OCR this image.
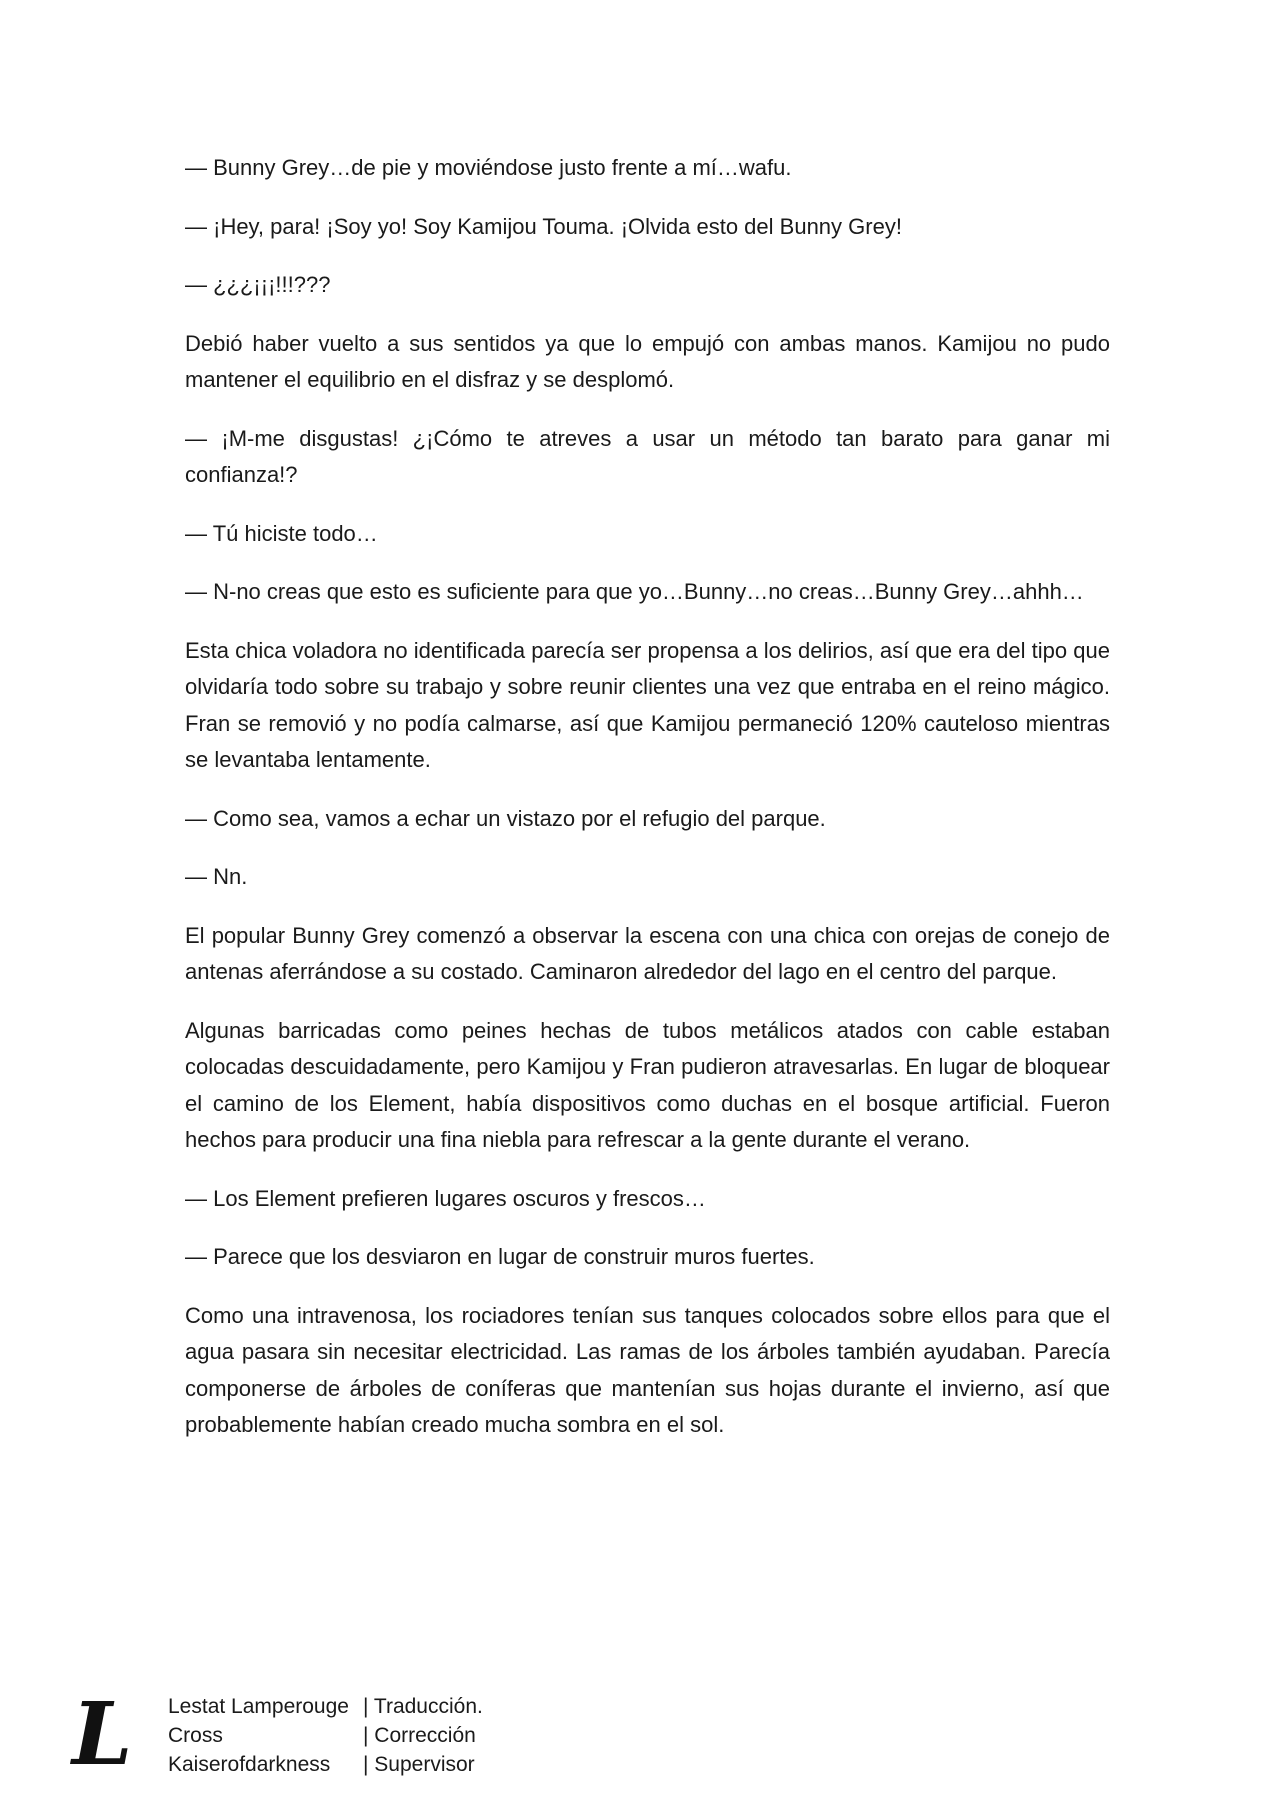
— Bunny Grey…de pie y moviéndose justo frente a mí…wafu.

— ¡Hey, para! ¡Soy yo! Soy Kamijou Touma. ¡Olvida esto del Bunny Grey!

— ¿¿¿¡¡¡!!!???

Debió haber vuelto a sus sentidos ya que lo empujó con ambas manos. Kamijou no pudo mantener el equilibrio en el disfraz y se desplomó.

— ¡M-me disgustas! ¿¡Cómo te atreves a usar un método tan barato para ganar mi confianza!?

— Tú hiciste todo…

— N-no creas que esto es suficiente para que yo…Bunny…no creas…Bunny Grey…ahhh…

Esta chica voladora no identificada parecía ser propensa a los delirios, así que era del tipo que olvidaría todo sobre su trabajo y sobre reunir clientes una vez que entraba en el reino mágico. Fran se removió y no podía calmarse, así que Kamijou permaneció 120% cauteloso mientras se levantaba lentamente.

— Como sea, vamos a echar un vistazo por el refugio del parque.

— Nn.

El popular Bunny Grey comenzó a observar la escena con una chica con orejas de conejo de antenas aferrándose a su costado. Caminaron alrededor del lago en el centro del parque.

Algunas barricadas como peines hechas de tubos metálicos atados con cable estaban colocadas descuidadamente, pero Kamijou y Fran pudieron atravesarlas. En lugar de bloquear el camino de los Element, había dispositivos como duchas en el bosque artificial. Fueron hechos para producir una fina niebla para refrescar a la gente durante el verano.

— Los Element prefieren lugares oscuros y frescos…

— Parece que los desviaron en lugar de construir muros fuertes.

Como una intravenosa, los rociadores tenían sus tanques colocados sobre ellos para que el agua pasara sin necesitar electricidad. Las ramas de los árboles también ayudaban. Parecía componerse de árboles de coníferas que mantenían sus hojas durante el invierno, así que probablemente habían creado mucha sombra en el sol.

L Lestat Lamperouge | Traducción.
Cross	| Corrección
Kaiserofdarkness	| Supervisor
